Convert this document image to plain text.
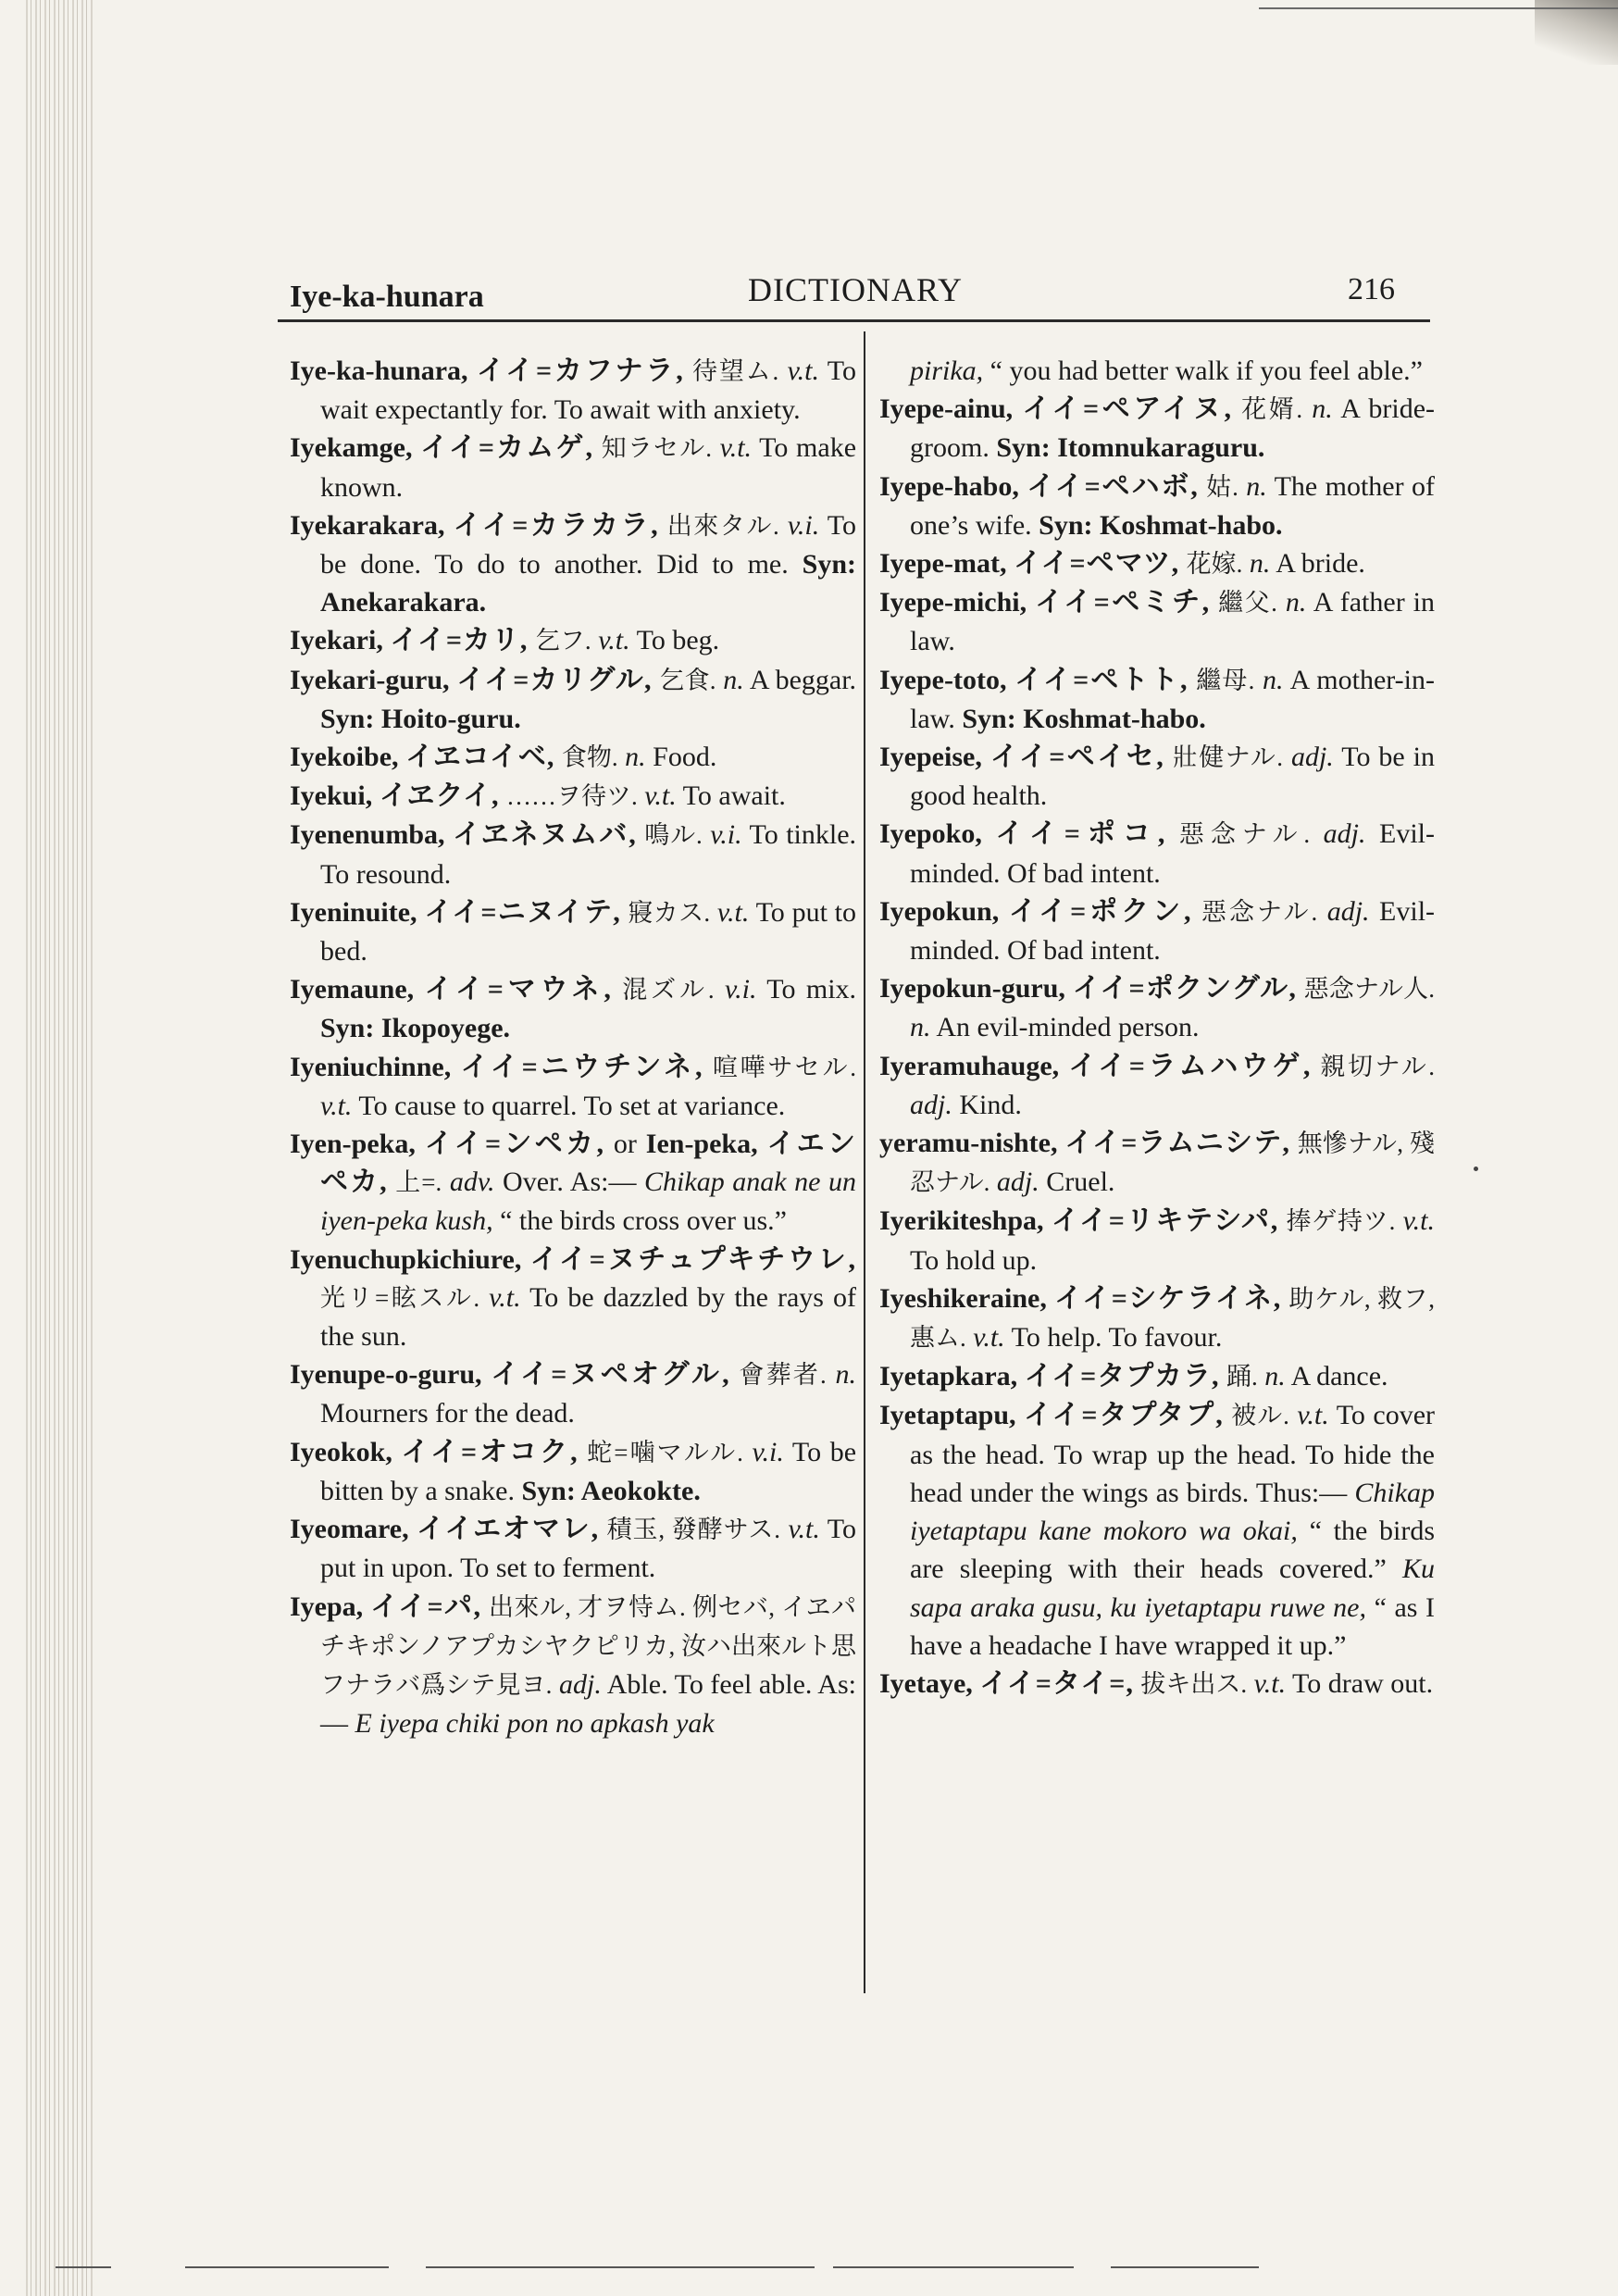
Iye-ka-hunara	DICTIONARY	216

Iye-ka-hunara, イイ=カフナラ, 待望ム. v.t. To wait expectantly for. To await with anxiety.

Iyekamge, イイ=カムゲ, 知ラセル. v.t. To make known.

Iyekarakara, イイ=カラカラ, 出來タル. v.i. To be done. To do to another. Did to me. Syn: Anekarakara.

Iyekari, イイ=カリ, 乞フ. v.t. To beg.

Iyekari-guru, イイ=カリグル, 乞食. n. A beggar. Syn: Hoito-guru.

Iyekoibe, イヱコイベ, 食物. n. Food.

Iyekui, イヱクイ, ……ヲ待ツ. v.t. To await.

Iyenenumba, イヱネヌムバ, 鳴ル. v.i. To tinkle. To resound.

Iyeninuite, イイ=ニヌイテ, 寢カス. v.t. To put to bed.

Iyemaune, イイ=マウネ, 混ズル. v.i. To mix. Syn: Ikopoyege.

Iyeniuchinne, イイ=ニウチンネ, 喧嘩サセル. v.t. To cause to quarrel. To set at variance.

Iyen-peka, イイ=ンペカ, or Ien-peka, イエンペカ, 上=. adv. Over. As:— Chikap anak ne un iyen-peka kush, “ the birds cross over us.”

Iyenuchupkichiure, イイ=ヌチュプキチウレ, 光リ=眩スル. v.t. To be dazzled by the rays of the sun.

Iyenupe-o-guru, イイ=ヌペオグル, 會葬者. n. Mourners for the dead.

Iyeokok, イイ=オコク, 蛇=噛マルル. v.i. To be bitten by a snake. Syn: Aeokokte.

Iyeomare, イイエオマレ, 積玉, 發酵サス. v.t. To put in upon. To set to ferment.

Iyepa, イイ=パ, 出來ル, 才ヲ恃ム. 例セバ, イヱパチキポンノアプカシヤクピリカ, 汝ハ出來ルト思フナラバ爲シテ見ヨ. adj. Able. To feel able. As:— E iyepa chiki pon no apkash yak

pirika, “ you had better walk if you feel able.”

Iyepe-ainu, イイ=ペアイヌ, 花婿. n. A bride-groom. Syn: Itomnukaraguru.

Iyepe-habo, イイ=ペハボ, 姑. n. The mother of one’s wife. Syn: Koshmat-habo.

Iyepe-mat, イイ=ペマツ, 花嫁. n. A bride.

Iyepe-michi, イイ=ペミチ, 繼父. n. A father in law.

Iyepe-toto, イイ=ペトト, 繼母. n. A mother-in-law. Syn: Koshmat-habo.

Iyepeise, イイ=ペイセ, 壯健ナル. adj. To be in good health.

Iyepoko, イイ=ポコ, 惡念ナル. adj. Evil-minded. Of bad intent.

Iyepokun, イイ=ポクン, 惡念ナル. adj. Evil-minded. Of bad intent.

Iyepokun-guru, イイ=ポクングル, 惡念ナル人. n. An evil-minded person.

Iyeramuhauge, イイ=ラムハウゲ, 親切ナル. adj. Kind.

yeramu-nishte, イイ=ラムニシテ, 無慘ナル, 殘忍ナル. adj. Cruel.

Iyerikiteshpa, イイ=リキテシパ, 捧ゲ持ツ. v.t. To hold up.

Iyeshikeraine, イイ=シケライネ, 助ケル, 救フ, 惠ム. v.t. To help. To favour.

Iyetapkara, イイ=タプカラ, 踊. n. A dance.

Iyetaptapu, イイ=タプタプ, 被ル. v.t. To cover as the head. To wrap up the head. To hide the head under the wings as birds. Thus:— Chikap iyetaptapu kane mokoro wa okai, “ the birds are sleeping with their heads covered.” Ku sapa araka gusu, ku iyetaptapu ruwe ne, “ as I have a headache I have wrapped it up.”

Iyetaye, イイ=タイ=, 拔キ出ス. v.t. To draw out.
